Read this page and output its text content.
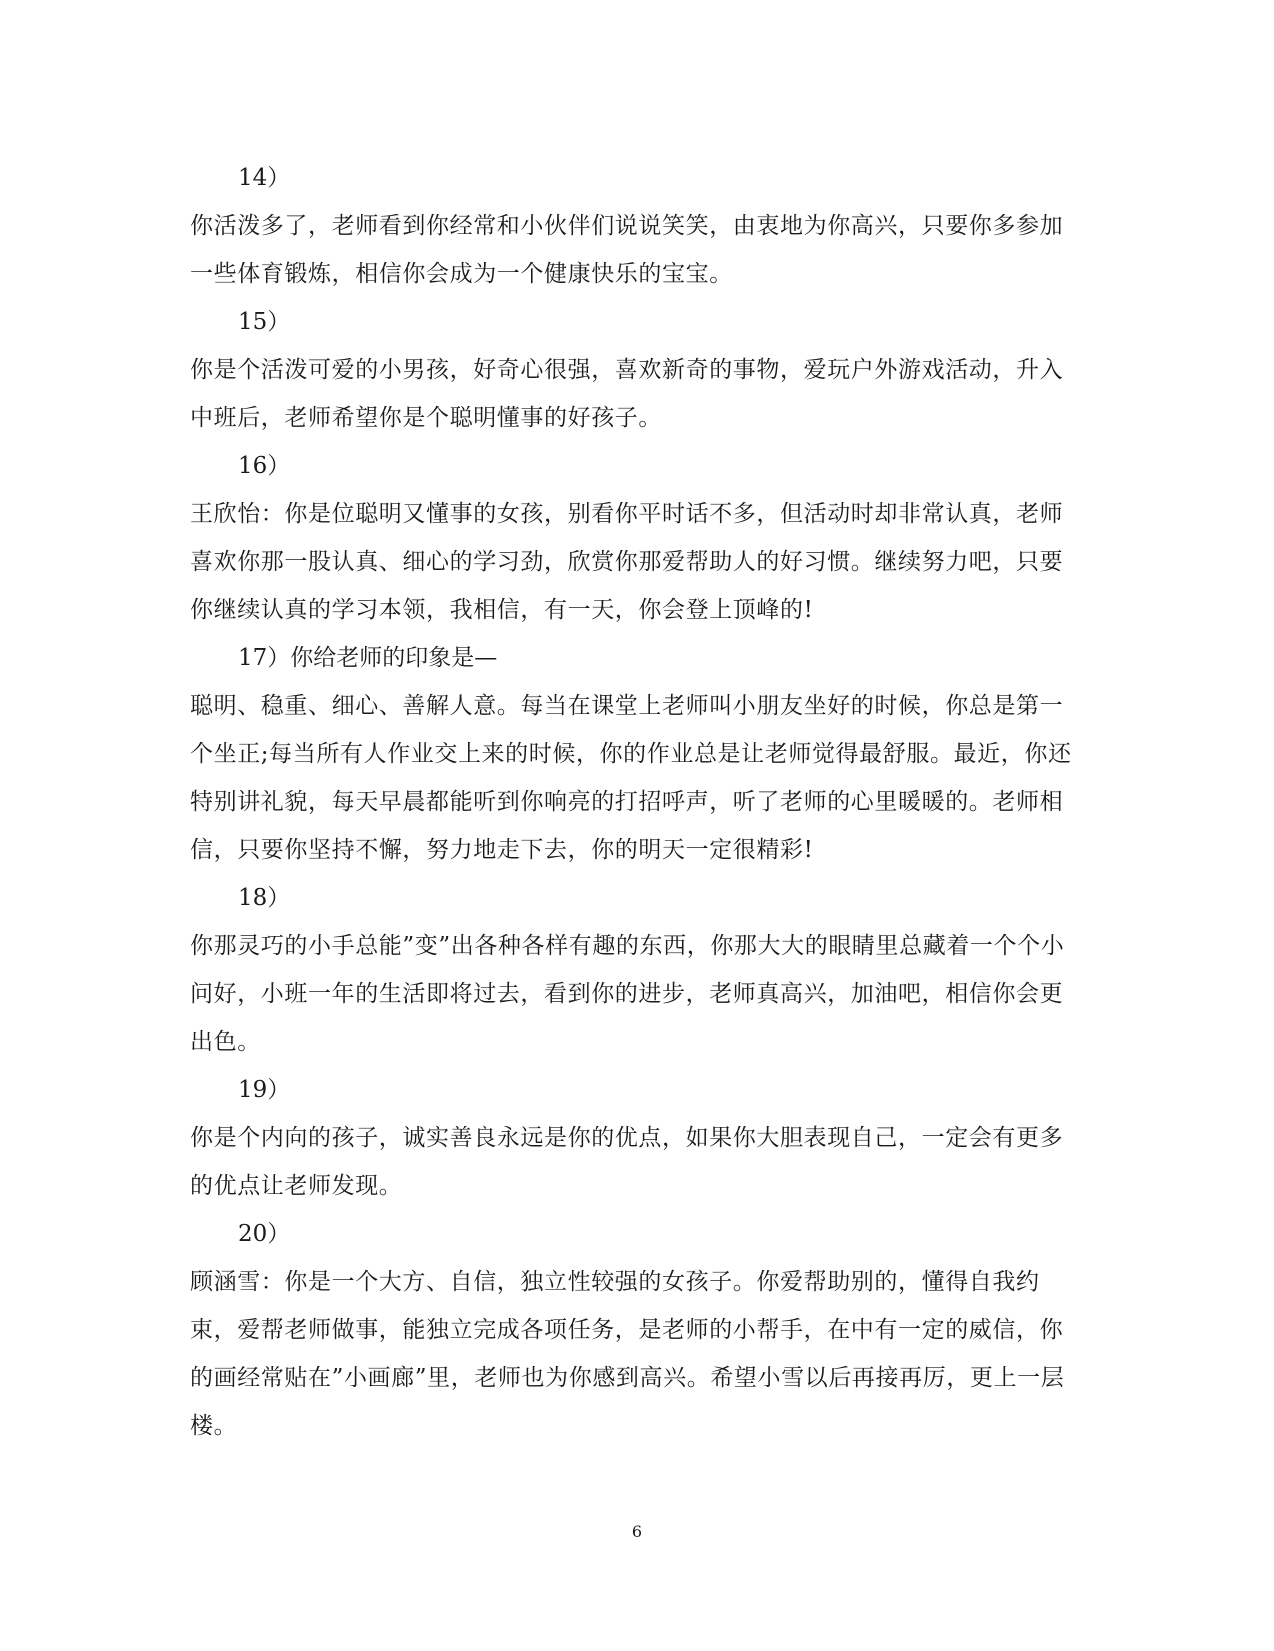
14）
你活泼多了，老师看到你经常和小伙伴们说说笑笑，由衷地为你高兴，只要你多参加一些体育锻炼，相信你会成为一个健康快乐的宝宝。
15）
你是个活泼可爱的小男孩，好奇心很强，喜欢新奇的事物，爱玩户外游戏活动，升入中班后，老师希望你是个聪明懂事的好孩子。
16）
王欣怡：你是位聪明又懂事的女孩，别看你平时话不多，但活动时却非常认真，老师喜欢你那一股认真、细心的学习劲，欣赏你那爱帮助人的好习惯。继续努力吧，只要你继续认真的学习本领，我相信，有一天，你会登上顶峰的!
17）你给老师的印象是—
聪明、稳重、细心、善解人意。每当在课堂上老师叫小朋友坐好的时候，你总是第一个坐正;每当所有人作业交上来的时候，你的作业总是让老师觉得最舒服。最近，你还特别讲礼貌，每天早晨都能听到你响亮的打招呼声，听了老师的心里暖暖的。老师相信，只要你坚持不懈，努力地走下去，你的明天一定很精彩!
18）
你那灵巧的小手总能”变”出各种各样有趣的东西，你那大大的眼睛里总藏着一个个小问好，小班一年的生活即将过去，看到你的进步，老师真高兴，加油吧，相信你会更出色。
19）
你是个内向的孩子，诚实善良永远是你的优点，如果你大胆表现自己，一定会有更多的优点让老师发现。
20）
顾涵雪：你是一个大方、自信，独立性较强的女孩子。你爱帮助别的，懂得自我约束，爱帮老师做事，能独立完成各项任务，是老师的小帮手，在中有一定的威信，你的画经常贴在”小画廊”里，老师也为你感到高兴。希望小雪以后再接再厉，更上一层楼。
6
